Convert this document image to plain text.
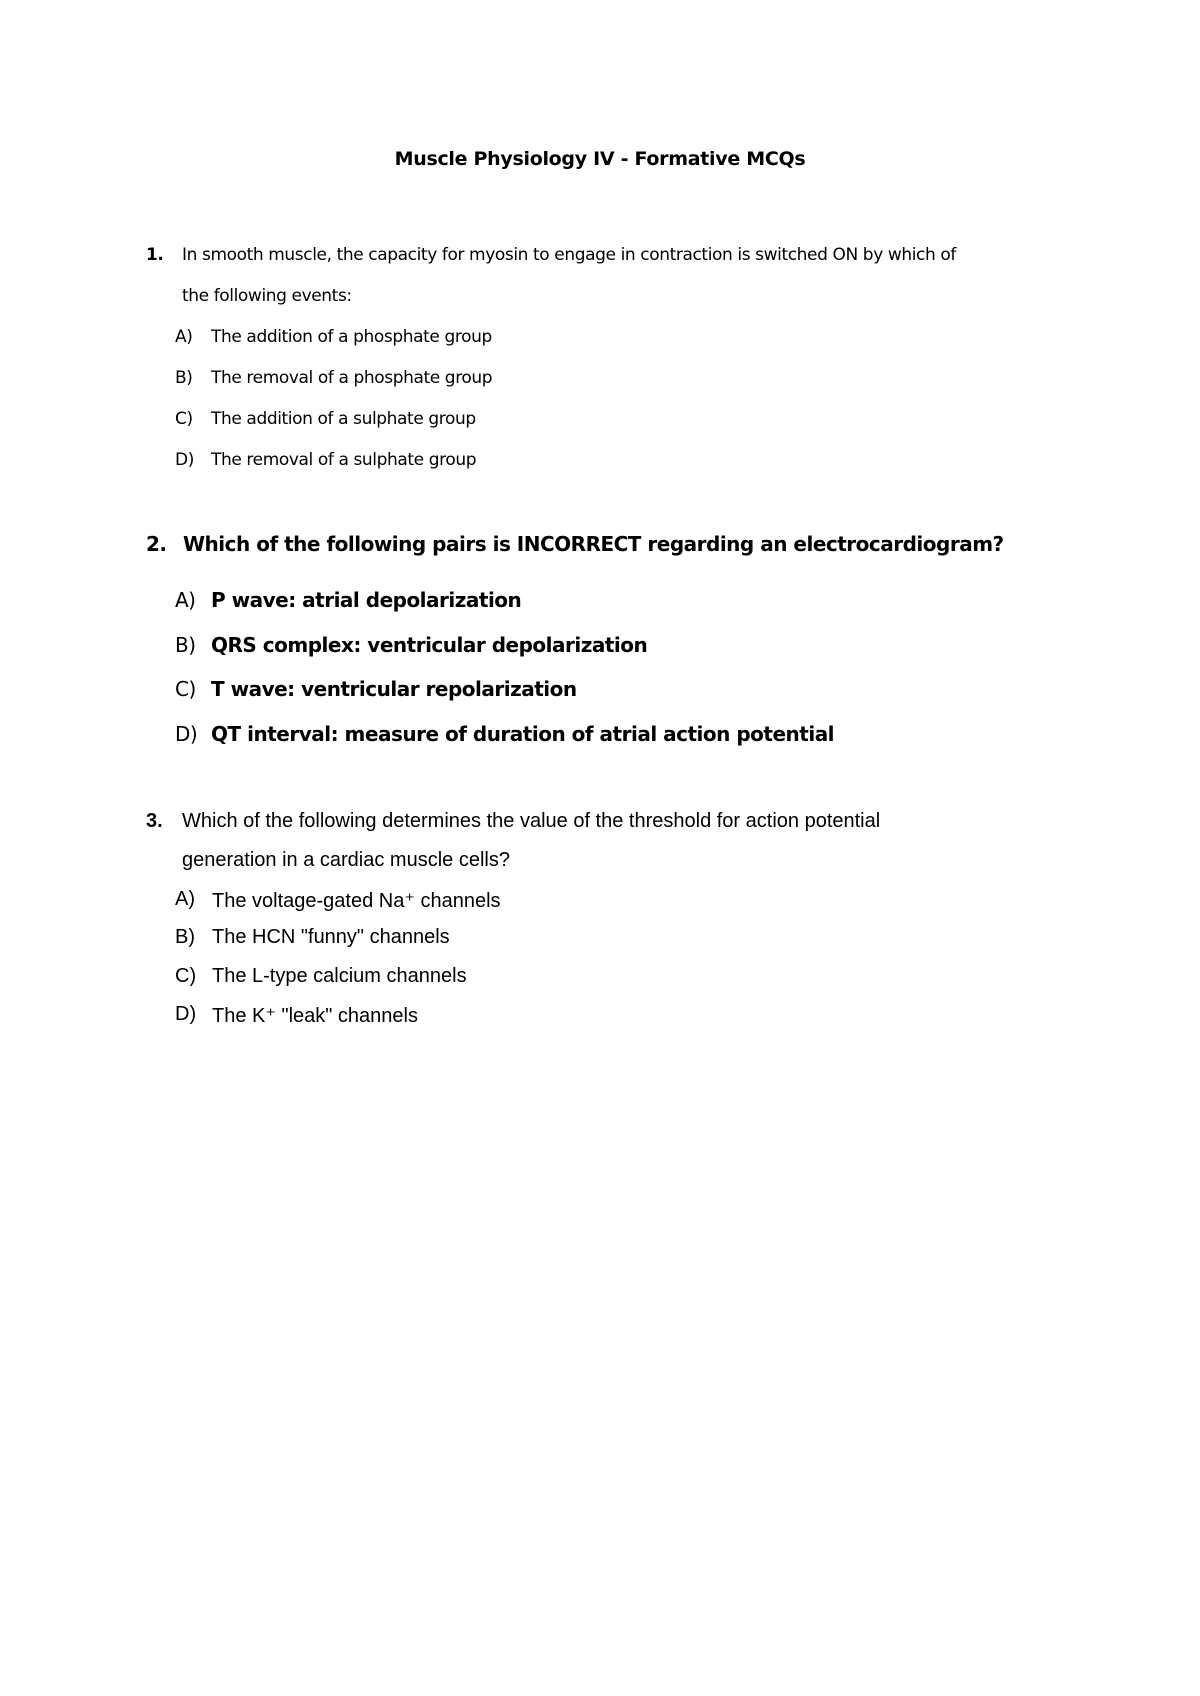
Muscle Physiology IV - Formative MCQs
1. In smooth muscle, the capacity for myosin to engage in contraction is switched ON by which of
the following events:
A) The addition of a phosphate group
B) The removal of a phosphate group
C) The addition of a sulphate group
D) The removal of a sulphate group
2. Which of the following pairs is INCORRECT regarding an electrocardiogram?
A) P wave: atrial depolarization
B) QRS complex: ventricular depolarization
C) T wave: ventricular repolarization
D) QT interval: measure of duration of atrial action potential
3. Which of the following determines the value of the threshold for action potential
generation in a cardiac muscle cells?
A) The voltage-gated Na⁺ channels
B) The HCN "funny" channels
C) The L-type calcium channels
D) The K⁺ "leak" channels
